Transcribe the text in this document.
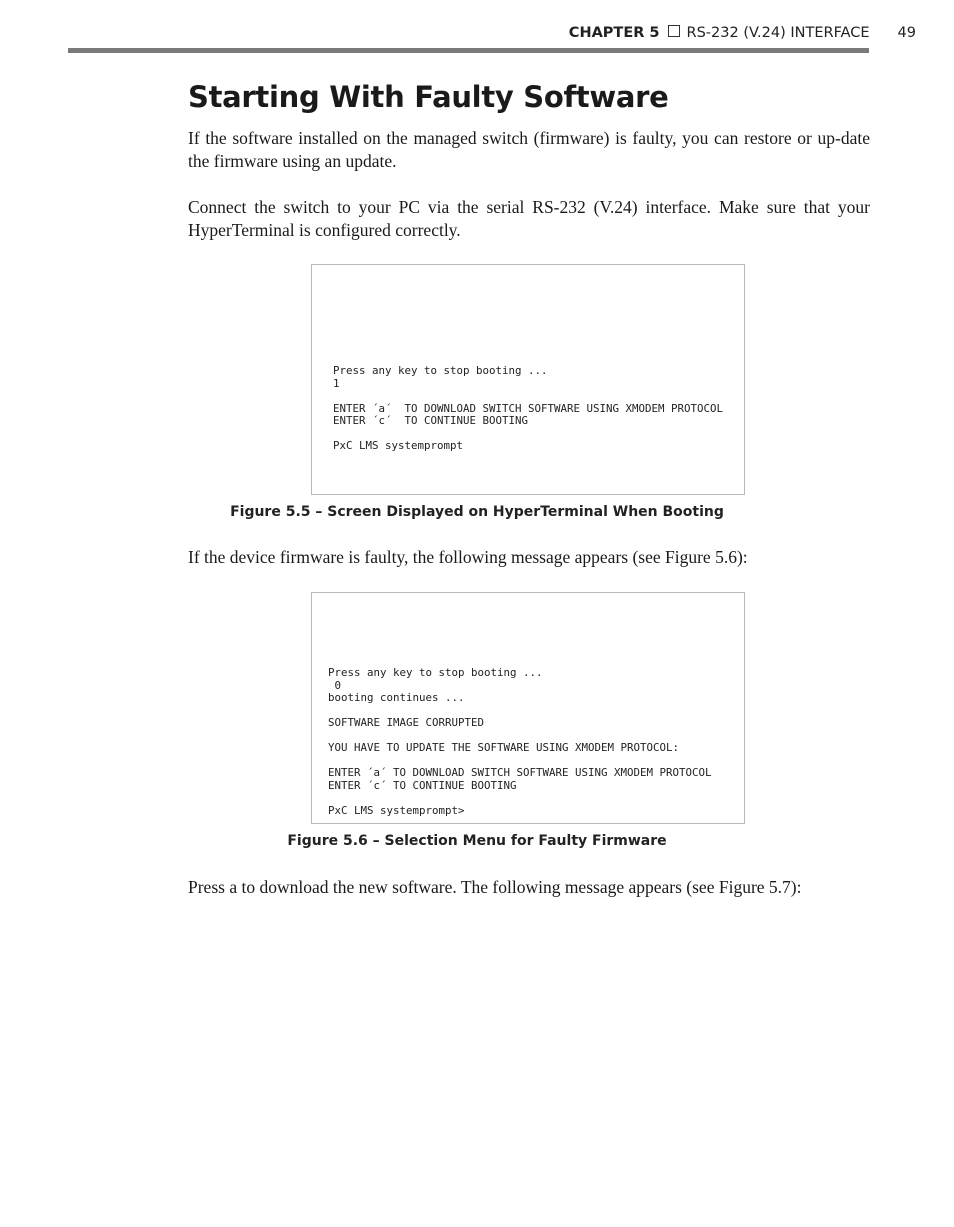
CHAPTER 5 RS-232 (V.24) INTERFACE 49
Starting With Faulty Software

If the software installed on the managed switch (firmware) is faulty, you can restore or up-date the firmware using an update.

Connect the switch to your PC via the serial RS-232 (V.24) interface. Make sure that your HyperTerminal is configured correctly.

If the device firmware is faulty, the following message appears (see Figure 5.6):

Press a to download the new software. The following message appears (see Figure 5.7):

Press any key to stop booting ...
1

ENTER ´a´  TO DOWNLOAD SWITCH SOFTWARE USING XMODEM PROTOCOL
ENTER ´c´  TO CONTINUE BOOTING

PxC LMS systemprompt
Figure 5.5 – Screen Displayed on HyperTerminal When Booting
Press any key to stop booting ...
0
booting continues ...

SOFTWARE IMAGE CORRUPTED

YOU HAVE TO UPDATE THE SOFTWARE USING XMODEM PROTOCOL:

ENTER ´a´ TO DOWNLOAD SWITCH SOFTWARE USING XMODEM PROTOCOL
ENTER ´c´ TO CONTINUE BOOTING

PxC LMS systemprompt>
Figure 5.6 – Selection Menu for Faulty Firmware
